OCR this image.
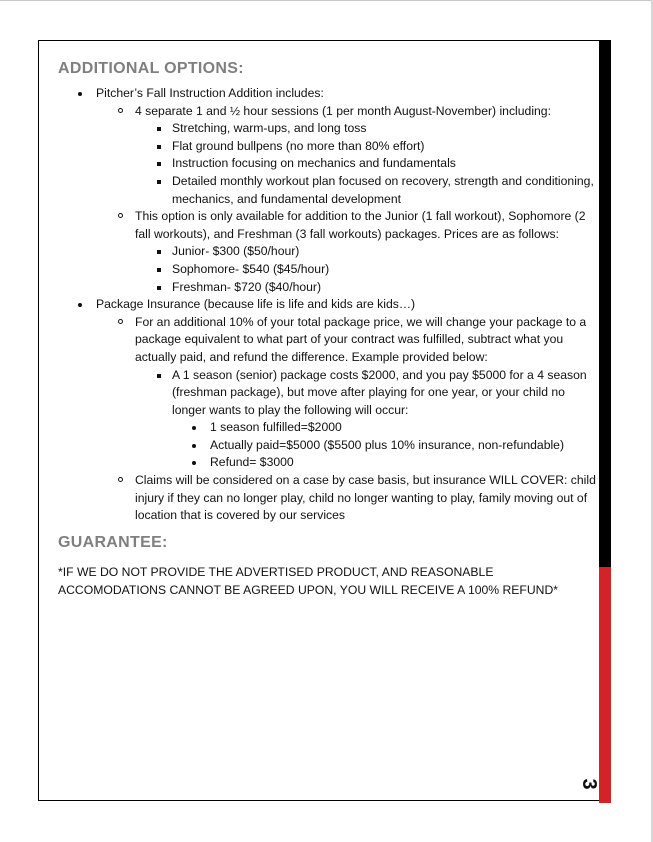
3
ADDITIONAL OPTIONS:
Pitcher’s Fall Instruction Addition includes:
4 separate 1 and ½ hour sessions (1 per month August-November) including:
Stretching, warm-ups, and long toss
Flat ground bullpens (no more than 80% effort)
Instruction focusing on mechanics and fundamentals
Detailed monthly workout plan focused on recovery, strength and conditioning, mechanics, and fundamental development
This option is only available for addition to the Junior (1 fall workout), Sophomore (2 fall workouts), and Freshman (3 fall workouts) packages. Prices are as follows:
Junior- $300 ($50/hour)
Sophomore- $540 ($45/hour)
Freshman- $720 ($40/hour)
Package Insurance (because life is life and kids are kids…)
For an additional 10% of your total package price, we will change your package to a package equivalent to what part of your contract was fulfilled, subtract what you actually paid, and refund the difference. Example provided below:
A 1 season (senior) package costs $2000, and you pay $5000 for a 4 season (freshman package), but move after playing for one year, or your child no longer wants to play the following will occur:
1 season fulfilled=$2000
Actually paid=$5000 ($5500 plus 10% insurance, non-refundable)
Refund= $3000
Claims will be considered on a case by case basis, but insurance WILL COVER: child injury if they can no longer play, child no longer wanting to play, family moving out of location that is covered by our services
GUARANTEE:

*IF WE DO NOT PROVIDE THE ADVERTISED PRODUCT, AND REASONABLE ACCOMODATIONS CANNOT BE AGREED UPON, YOU WILL RECEIVE A 100% REFUND*
